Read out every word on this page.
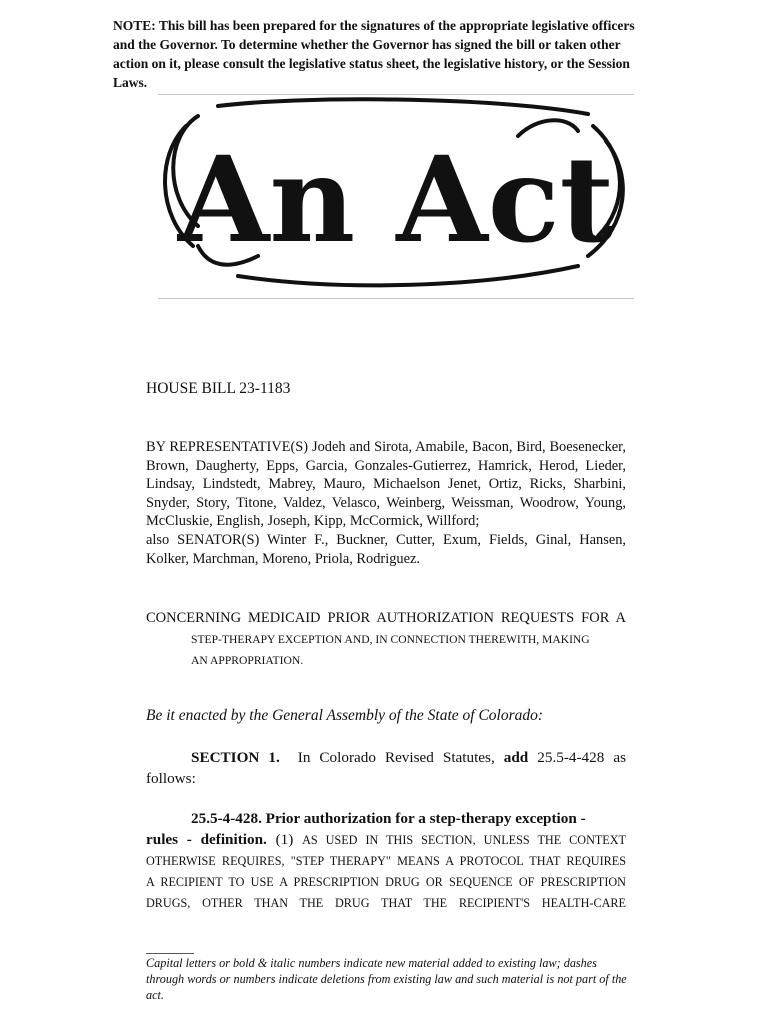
NOTE: This bill has been prepared for the signatures of the appropriate legislative officers and the Governor. To determine whether the Governor has signed the bill or taken other action on it, please consult the legislative status sheet, the legislative history, or the Session Laws.
An Act
HOUSE BILL 23-1183

BY REPRESENTATIVE(S) Jodeh and Sirota, Amabile, Bacon, Bird, Boesenecker, Brown, Daugherty, Epps, Garcia, Gonzales-Gutierrez, Hamrick, Herod, Lieder, Lindsay, Lindstedt, Mabrey, Mauro, Michaelson Jenet, Ortiz, Ricks, Sharbini, Snyder, Story, Titone, Valdez, Velasco, Weinberg, Weissman, Woodrow, Young, McCluskie, English, Joseph, Kipp, McCormick, Willford;

also SENATOR(S) Winter F., Buckner, Cutter, Exum, Fields, Ginal, Hansen, Kolker, Marchman, Moreno, Priola, Rodriguez.

CONCERNING MEDICAID PRIOR AUTHORIZATION REQUESTS FOR A
STEP-THERAPY EXCEPTION AND, IN CONNECTION THEREWITH, MAKING
AN APPROPRIATION.
Be it enacted by the General Assembly of the State of Colorado:
SECTION 1. In Colorado Revised Statutes, add 25.5-4-428 as
follows:
25.5-4-428. Prior authorization for a step-therapy exception -
rules - definition. (1) AS USED IN THIS SECTION, UNLESS THE CONTEXT
OTHERWISE REQUIRES, "STEP THERAPY" MEANS A PROTOCOL THAT REQUIRES
A RECIPIENT TO USE A PRESCRIPTION DRUG OR SEQUENCE OF PRESCRIPTION
DRUGS, OTHER THAN THE DRUG THAT THE RECIPIENT'S HEALTH-CARE
Capital letters or bold & italic numbers indicate new material added to existing law; dashes through words or numbers indicate deletions from existing law and such material is not part of the act.
